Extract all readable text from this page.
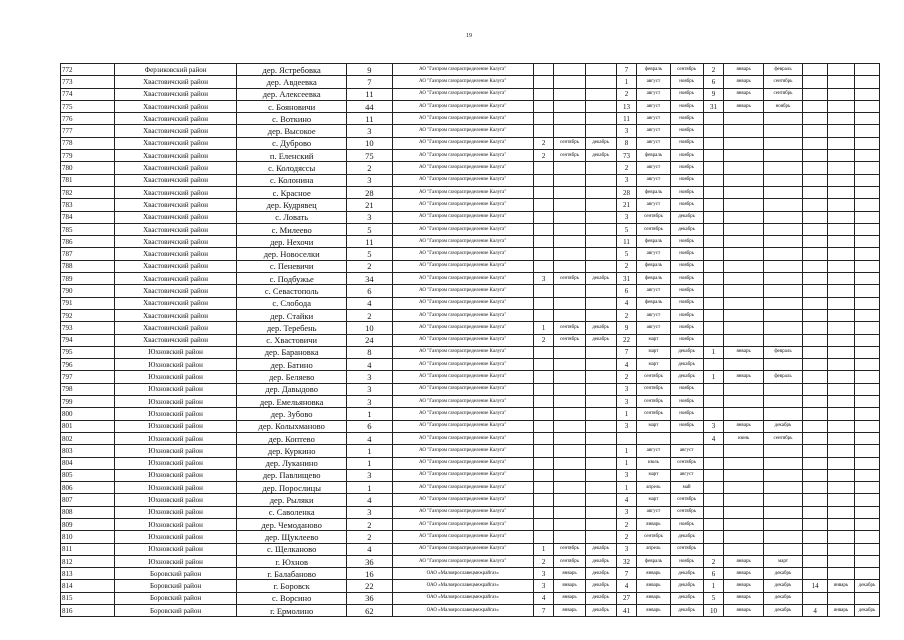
19
772	Ферзиковский район	дер. Ястребовка	9	АО "Газпром газораспределение Калуга"				7	февраль	сентябрь	2	январь	февраль			
773	Хвастовичский район	дер. Авдеевка	7	АО "Газпром газораспределение Калуга"				1	август	ноябрь	6	январь	сентябрь			
774	Хвастовичский район	дер. Алексеевка	11	АО "Газпром газораспределение Калуга"				2	август	ноябрь	9	январь	сентябрь			
775	Хвастовичский район	с. Бояновичи	44	АО "Газпром газораспределение Калуга"				13	август	ноябрь	31	январь	ноябрь			
776	Хвастовичский район	с. Воткино	11	АО "Газпром газораспределение Калуга"				11	август	ноябрь						
777	Хвастовичский район	дер. Высокое	3	АО "Газпром газораспределение Калуга"				3	август	ноябрь						
778	Хвастовичский район	с. Дуброво	10	АО "Газпром газораспределение Калуга"	2	сентябрь	декабрь	8	август	ноябрь						
779	Хвастовичский район	п. Еленский	75	АО "Газпром газораспределение Калуга"	2	сентябрь	декабрь	73	февраль	ноябрь						
780	Хвастовичский район	с. Колодяссы	2	АО "Газпром газораспределение Калуга"				2	август	ноябрь						
781	Хвастовичский район	с. Колонина	3	АО "Газпром газораспределение Калуга"				3	август	ноябрь						
782	Хвастовичский район	с. Красное	28	АО "Газпром газораспределение Калуга"				28	февраль	ноябрь						
783	Хвастовичский район	дер. Кудрявец	21	АО "Газпром газораспределение Калуга"				21	август	ноябрь						
784	Хвастовичский район	с. Ловать	3	АО "Газпром газораспределение Калуга"				3	сентябрь	декабрь						
785	Хвастовичский район	с. Милеево	5	АО "Газпром газораспределение Калуга"				5	сентябрь	декабрь						
786	Хвастовичский район	дер. Нехочи	11	АО "Газпром газораспределение Калуга"				11	февраль	ноябрь						
787	Хвастовичский район	дер. Новоселки	5	АО "Газпром газораспределение Калуга"				5	август	ноябрь						
788	Хвастовичский район	с. Пеневичи	2	АО "Газпром газораспределение Калуга"				2	февраль	ноябрь						
789	Хвастовичский район	с. Подбужье	34	АО "Газпром газораспределение Калуга"	3	сентябрь	декабрь	31	февраль	ноябрь						
790	Хвастовичский район	с. Севастополь	6	АО "Газпром газораспределение Калуга"				6	август	ноябрь						
791	Хвастовичский район	с. Слобода	4	АО "Газпром газораспределение Калуга"				4	февраль	ноябрь						
792	Хвастовичский район	дер. Стайки	2	АО "Газпром газораспределение Калуга"				2	август	ноябрь						
793	Хвастовичский район	дер. Теребень	10	АО "Газпром газораспределение Калуга"	1	сентябрь	декабрь	9	август	ноябрь						
794	Хвастовичский район	с. Хвастовичи	24	АО "Газпром газораспределение Калуга"	2	сентябрь	декабрь	22	март	ноябрь						
795	Юхновский район	дер. Барановка	8	АО "Газпром газораспределение Калуга"				7	март	декабрь	1	январь	февраль			
796	Юхновский район	дер. Батино	4	АО "Газпром газораспределение Калуга"				4	март	декабрь						
797	Юхновский район	дер. Беляево	3	АО "Газпром газораспределение Калуга"				2	сентябрь	декабрь	1	январь	февраль			
798	Юхновский район	дер. Давыдово	3	АО "Газпром газораспределение Калуга"				3	сентябрь	ноябрь						
799	Юхновский район	дер. Емельяновка	3	АО "Газпром газораспределение Калуга"				3	сентябрь	ноябрь						
800	Юхновский район	дер. Зубово	1	АО "Газпром газораспределение Калуга"				1	сентябрь	ноябрь						
801	Юхновский район	дер. Колыхманово	6	АО "Газпром газораспределение Калуга"				3	март	ноябрь	3	январь	декабрь			
802	Юхновский район	дер. Коптево	4	АО "Газпром газораспределение Калуга"							4	июнь	сентябрь			
803	Юхновский район	дер. Куркино	1	АО "Газпром газораспределение Калуга"				1	август	август						
804	Юхновский район	дер. Луканино	1	АО "Газпром газораспределение Калуга"				1	июль	сентябрь						
805	Юхновский район	дер. Павлищево	3	АО "Газпром газораспределение Калуга"				3	март	август						
806	Юхновский район	дер. Порослицы	1	АО "Газпром газораспределение Калуга"				1	апрель	май						
807	Юхновский район	дер. Рыляки	4	АО "Газпром газораспределение Калуга"				4	март	сентябрь						
808	Юхновский район	с. Саволенка	3	АО "Газпром газораспределение Калуга"				3	август	сентябрь						
809	Юхновский район	дер. Чемоданово	2	АО "Газпром газораспределение Калуга"				2	январь	ноябрь						
810	Юхновский район	дер. Щуклеево	2	АО "Газпром газораспределение Калуга"				2	сентябрь	декабрь						
811	Юхновский район	с. Щелканово	4	АО "Газпром газораспределение Калуга"	1	сентябрь	декабрь	3	апрель	сентябрь						
812	Юхновский район	г. Юхнов	36	АО "Газпром газораспределение Калуга"	2	сентябрь	декабрь	32	февраль	ноябрь	2	январь	март			
813	Боровский район	г. Балабаново	16	ОАО «Малоярославецмежрайгаз»	3	январь	декабрь	7	январь	декабрь	6	январь	декабрь			
814	Боровский район	г. Боровск	22	ОАО «Малоярославецмежрайгаз»	3	январь	декабрь	4	январь	декабрь	1	январь	декабрь	14	январь	декабрь
815	Боровский район	с. Ворсино	36	ОАО «Малоярославецмежрайгаз»	4	январь	декабрь	27	январь	декабрь	5	январь	декабрь			
816	Боровский район	г. Ермолино	62	ОАО «Малоярославецмежрайгаз»	7	январь	декабрь	41	январь	декабрь	10	январь	декабрь	4	январь	декабрь
